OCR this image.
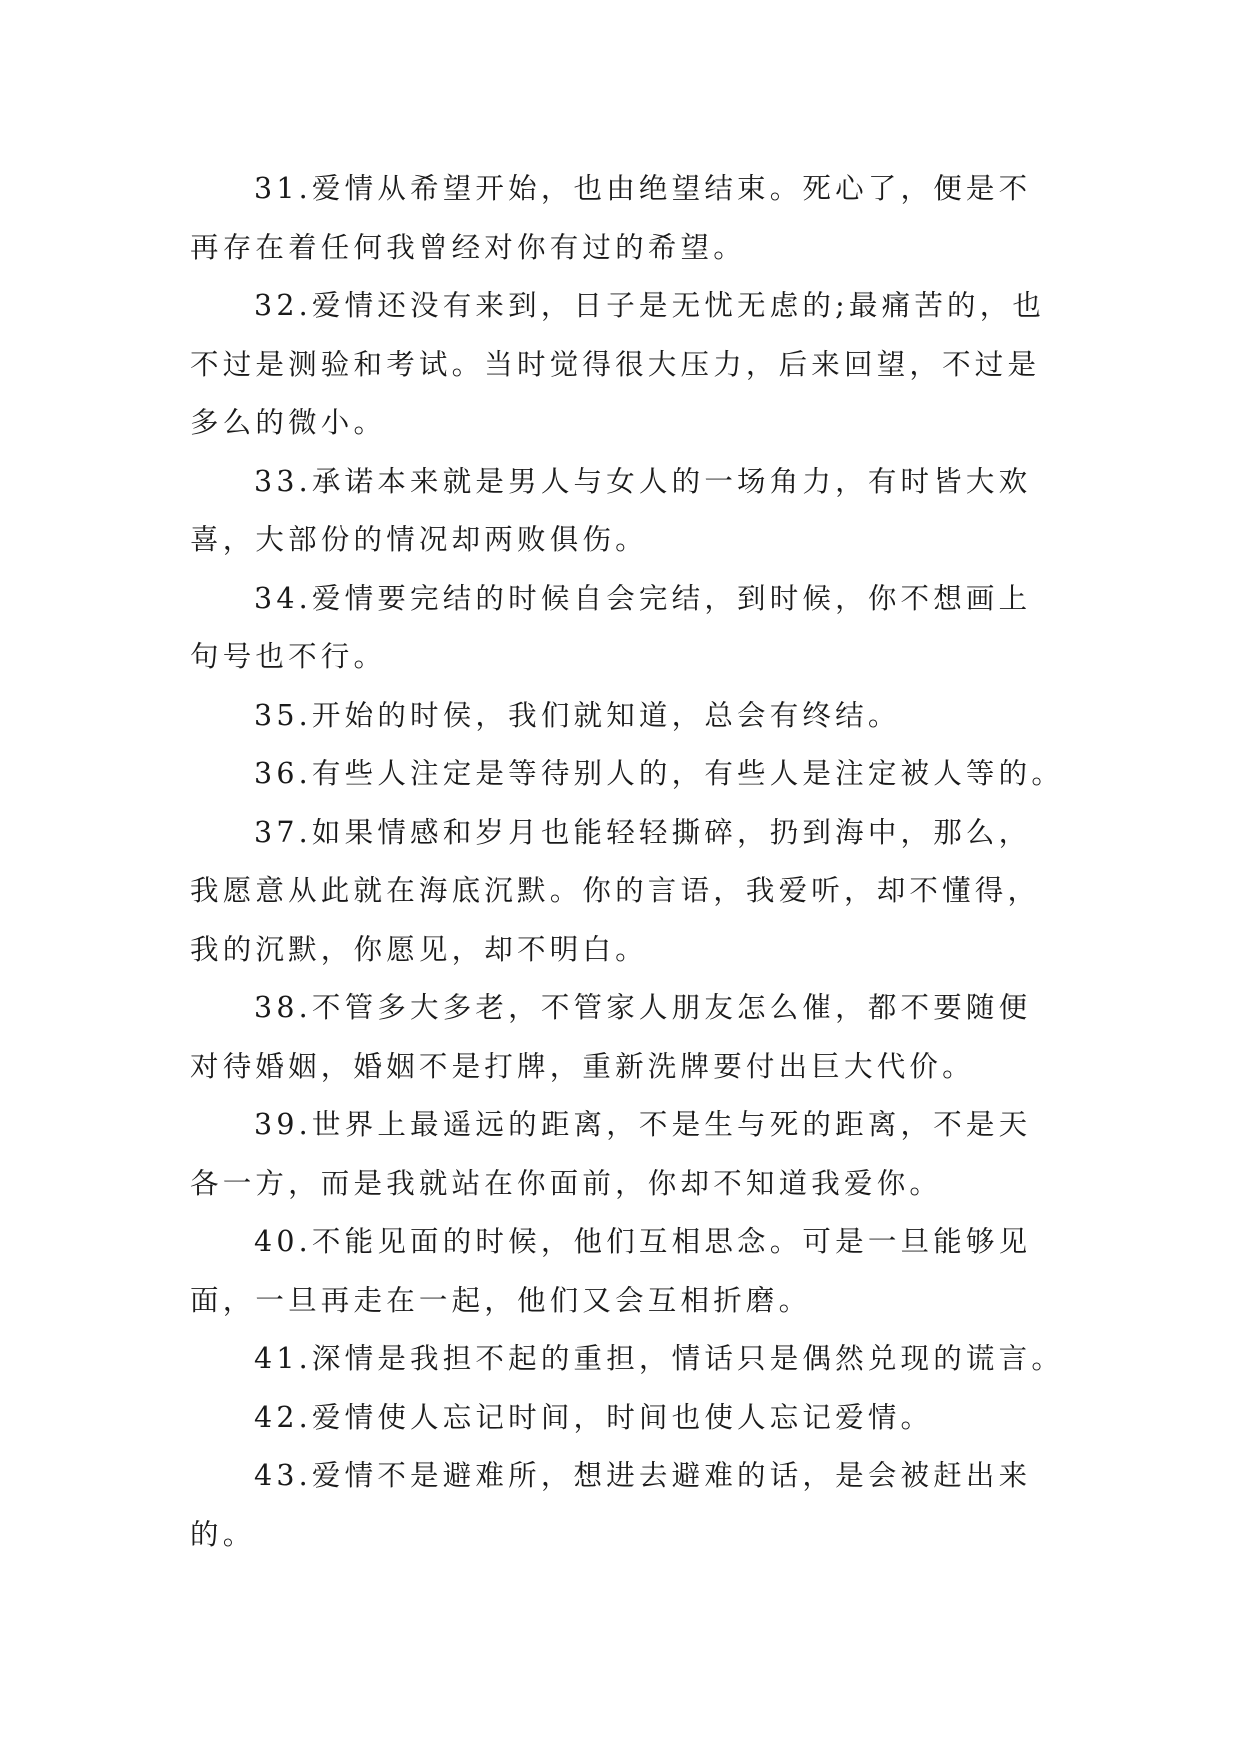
31.爱情从希望开始，也由绝望结束。死心了，便是不
再存在着任何我曾经对你有过的希望。
32.爱情还没有来到，日子是无忧无虑的;最痛苦的，也
不过是测验和考试。当时觉得很大压力，后来回望，不过是
多么的微小。
33.承诺本来就是男人与女人的一场角力，有时皆大欢
喜，大部份的情况却两败俱伤。
34.爱情要完结的时候自会完结，到时候，你不想画上
句号也不行。
35.开始的时侯，我们就知道，总会有终结。
36.有些人注定是等待别人的，有些人是注定被人等的。
37.如果情感和岁月也能轻轻撕碎，扔到海中，那么，
我愿意从此就在海底沉默。你的言语，我爱听，却不懂得，
我的沉默，你愿见，却不明白。
38.不管多大多老，不管家人朋友怎么催，都不要随便
对待婚姻，婚姻不是打牌，重新洗牌要付出巨大代价。
39.世界上最遥远的距离，不是生与死的距离，不是天
各一方，而是我就站在你面前，你却不知道我爱你。
40.不能见面的时候，他们互相思念。可是一旦能够见
面，一旦再走在一起，他们又会互相折磨。
41.深情是我担不起的重担，情话只是偶然兑现的谎言。
42.爱情使人忘记时间，时间也使人忘记爱情。
43.爱情不是避难所，想进去避难的话，是会被赶出来
的。
